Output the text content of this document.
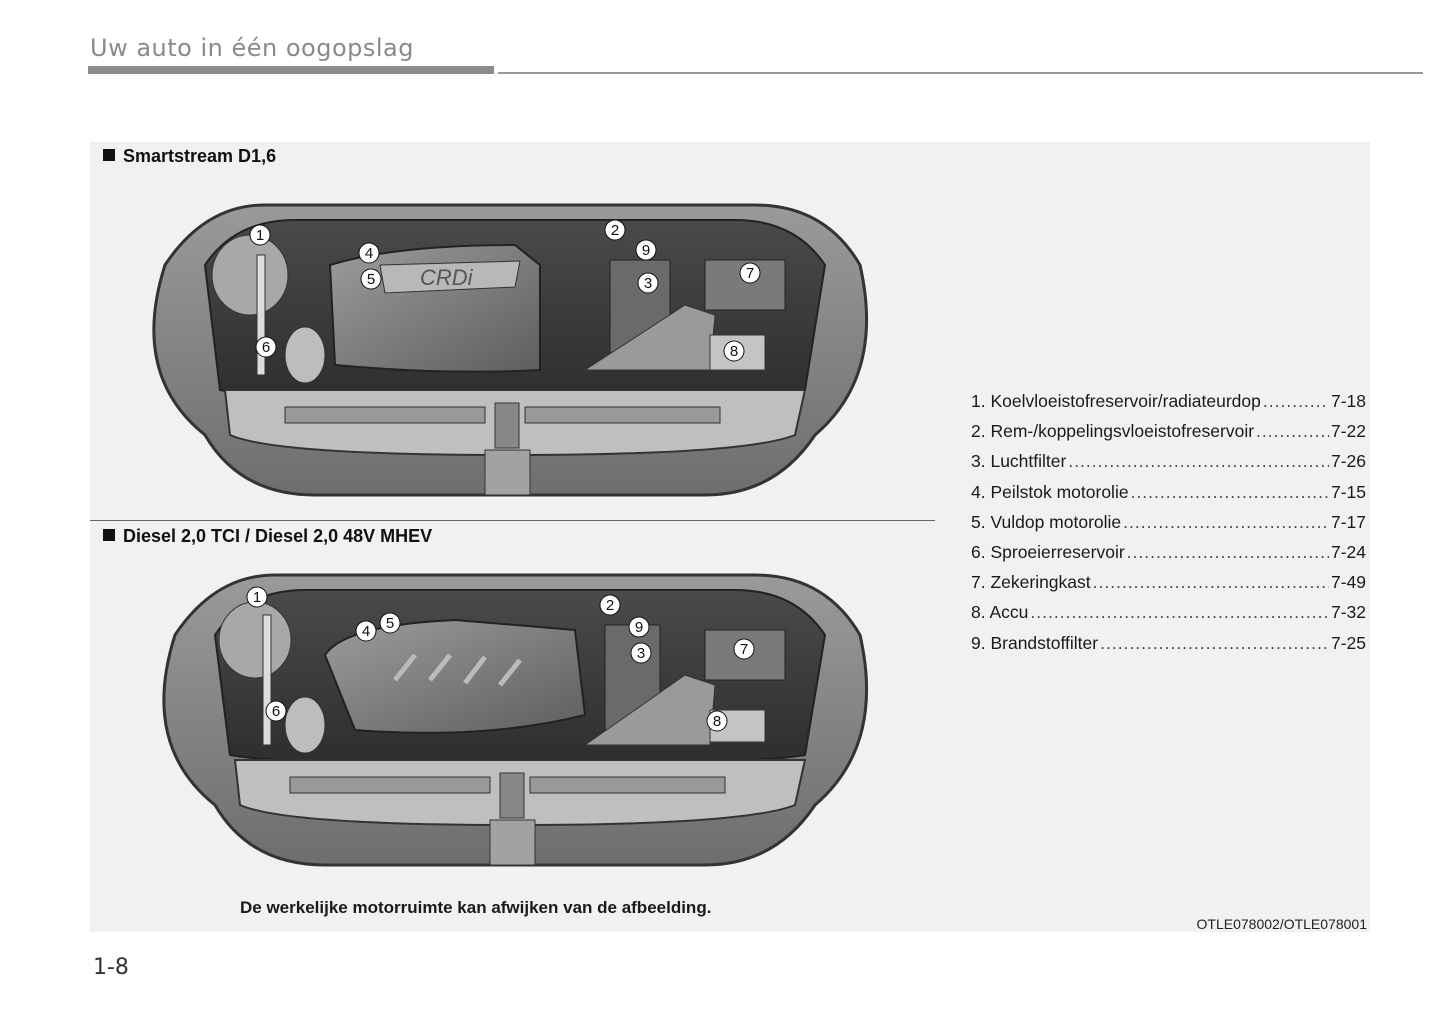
Uw auto in één oogopslag
Smartstream D1,6
CRDi
1	2
3
4
5
6
7
8
9
Diesel 2,0 TCI / Diesel 2,0 48V MHEV
1	2
3
4 5
6
7
8
9
1. Koelvloeistofreservoir/radiateurdop .....	7-18
2. Rem-/koppelingsvloeistofreservoir .....	7-22
3. Luchtfilter .....	7-26
4. Peilstok motorolie .....	7-15
5. Vuldop motorolie .....	7-17
6. Sproeierreservoir .....	7-24
7. Zekeringkast .....	7-49
8. Accu .....	7-32
9. Brandstoffilter .....	7-25
De werkelijke motorruimte kan afwijken van de afbeelding.
OTLE078002/OTLE078001
1-8
